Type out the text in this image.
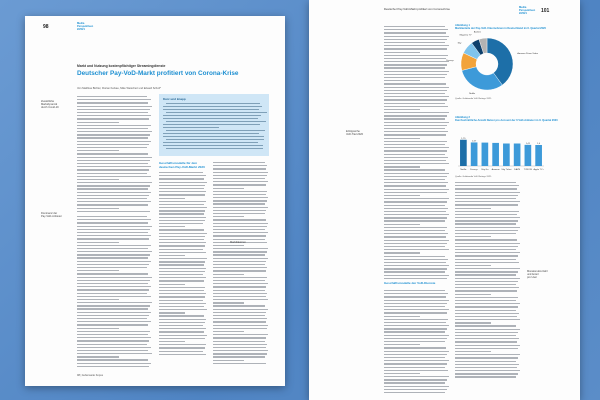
98
Media
Perspektiven
2/2021
Markt und Nutzung kostenpflichtiger Streamingdienste
Deutscher Pay-VoD-Markt profitiert von Corona-Krise
Von Matthias Bichler, Florian Kerkau, Mike Weischert und Eduard Scholl*
Zusätzliche
Marktdynamik
durch Covid-19
Dominanz der
Pay-VoD-Anbieter
Kurz und knapp
Geschäftsmodelle für den
deutschen Pay-VoD-Markt 2020
Marktfaktoren
98 | Außenseite Kopus
Deutscher Pay-VoD-Markt profitiert von Corona-Krise	Media
Perspektiven
2/2021	101
Erfolgreiche
VoD-Titel 2020
Geschäftsmodelle der VoD-Dienste
Abbildung 1
Marktanteile der Pay-VoD-Unternehmen in Deutschland im II. Quartal 2020
Amazon Prime Video
Netflix
Disney+
Sky
Magenta TV
Andere
Quelle: Goldmedia VoD Ratings 2021.
Abbildung 2
Durchschnittliche Anzahl Nutzer pro Account der 6 VoD-Anbieter im II. Quartal 2020
1,75
Netflix
1,57
Disney+	Sky Go	Amazon Sky Ticket DAZN
1,41
TVNOW
1,4
Apple TV+
Quelle: Goldmedia VoD Ratings 2021.
Monatsnutzerzahl
und Anteil
pro User
